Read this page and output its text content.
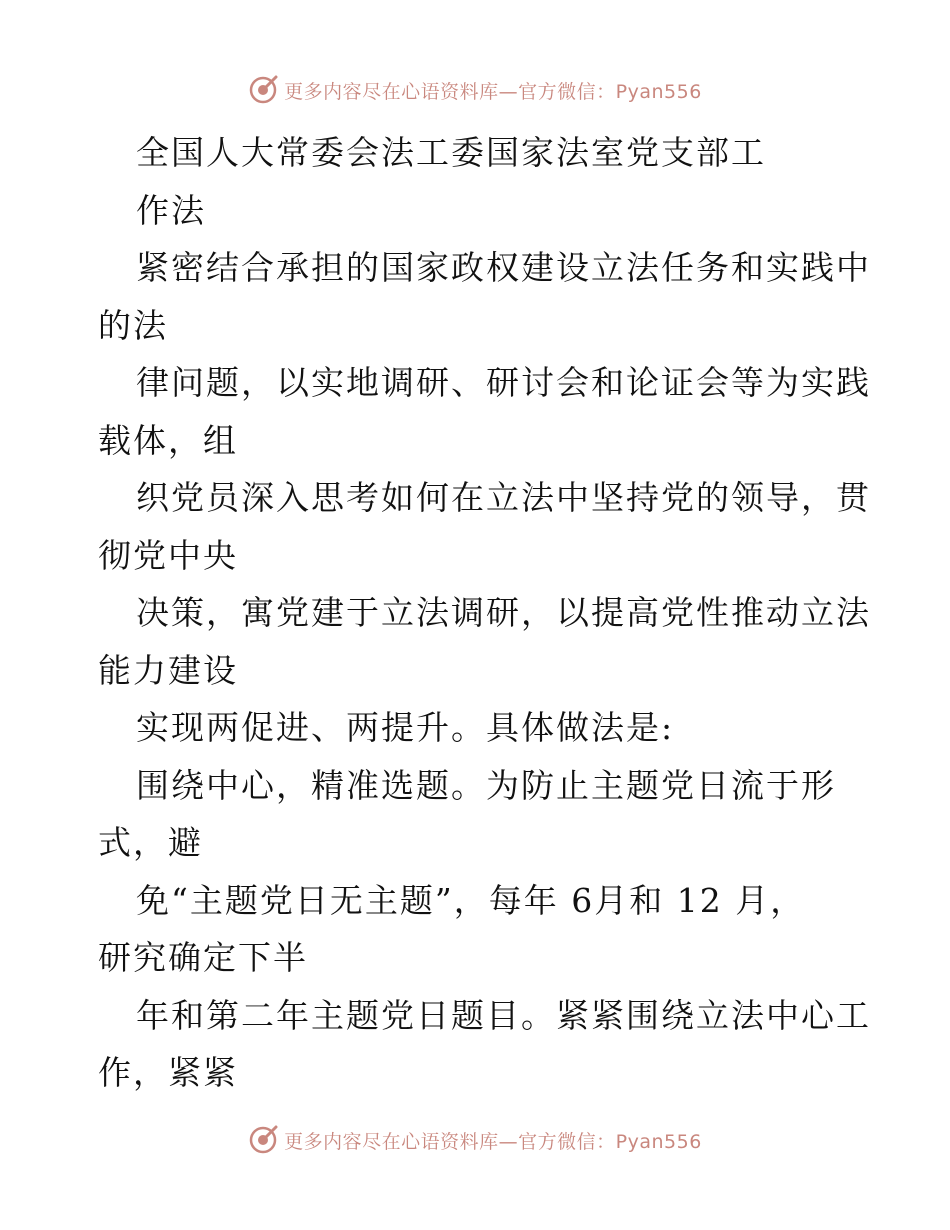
更多内容尽在心语资料库—官方微信：Pyan556
全国人大常委会法工委国家法室党支部工
作法
紧密结合承担的国家政权建设立法任务和实践中
的法
律问题，以实地调研、研讨会和论证会等为实践
载体，组
织党员深入思考如何在立法中坚持党的领导，贯
彻党中央
决策，寓党建于立法调研，以提高党性推动立法
能力建设
实现两促进、两提升。具体做法是:
围绕中心，精准选题。为防止主题党日流于形
式，避
免“主题党日无主题”，每年 6月和 12 月，
研究确定下半
年和第二年主题党日题目。紧紧围绕立法中心工
作，紧紧
更多内容尽在心语资料库—官方微信：Pyan556
